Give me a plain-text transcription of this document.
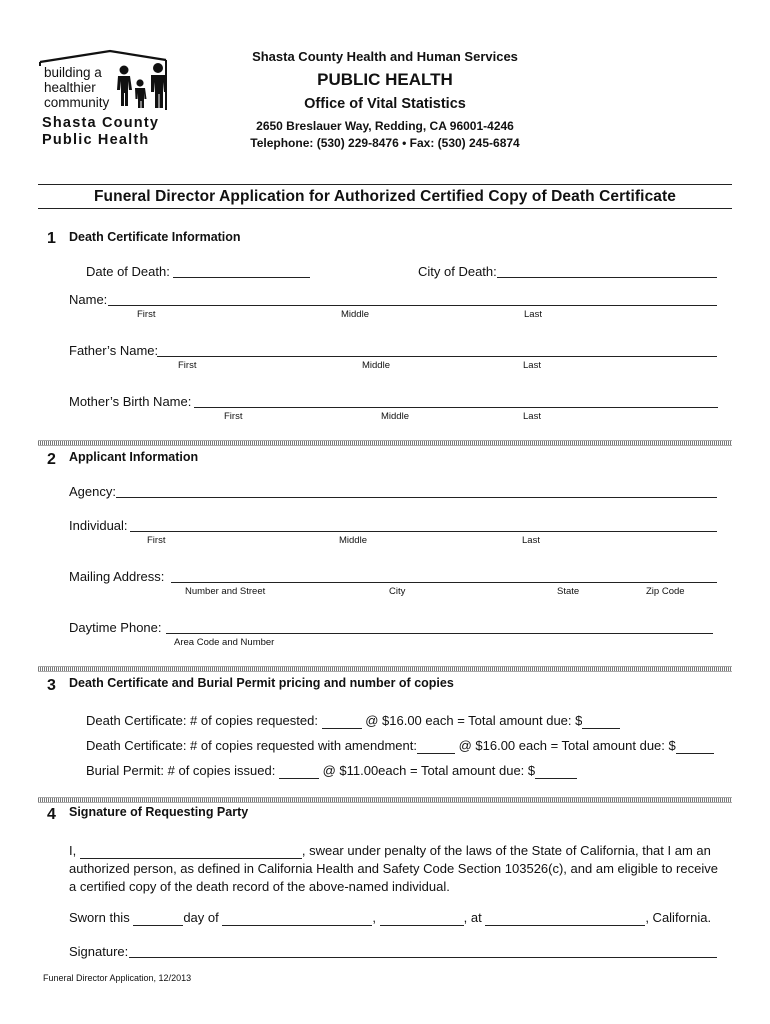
building a
healthier
community
Shasta County
Public Health
Shasta County Health and Human Services
PUBLIC HEALTH
Office of Vital Statistics
2650 Breslauer Way, Redding, CA 96001-4246
Telephone: (530) 229-8476 • Fax: (530) 245-6874
Funeral Director Application for Authorized Certified Copy of Death Certificate
1 Death Certificate Information
Date of Death:	City of Death:
Name:
First	Middle	Last
Father’s Name:
First	Middle	Last
Mother’s Birth Name:
First	Middle	Last
2 Applicant Information
Agency:
Individual:
First	Middle	Last
Mailing Address:
Number and Street	City	State	Zip Code
Daytime Phone:
Area Code and Number
3 Death Certificate and Burial Permit pricing and number of copies
Death Certificate: # of copies requested:	@ $16.00 each = Total amount due: $
Death Certificate: # of copies requested with amendment:	@ $16.00 each = Total amount due: $
Burial Permit: # of copies issued:	@ $11.00each = Total amount due: $
4 Signature of Requesting Party
I,	, swear under penalty of the laws of the State of California, that I am an
authorized person, as defined in California Health and Safety Code Section 103526(c), and am eligible to receive
a certified copy of the death record of the above-named individual.
Sworn this	day of	,	, at	, California.
Signature:
Funeral Director Application, 12/2013
